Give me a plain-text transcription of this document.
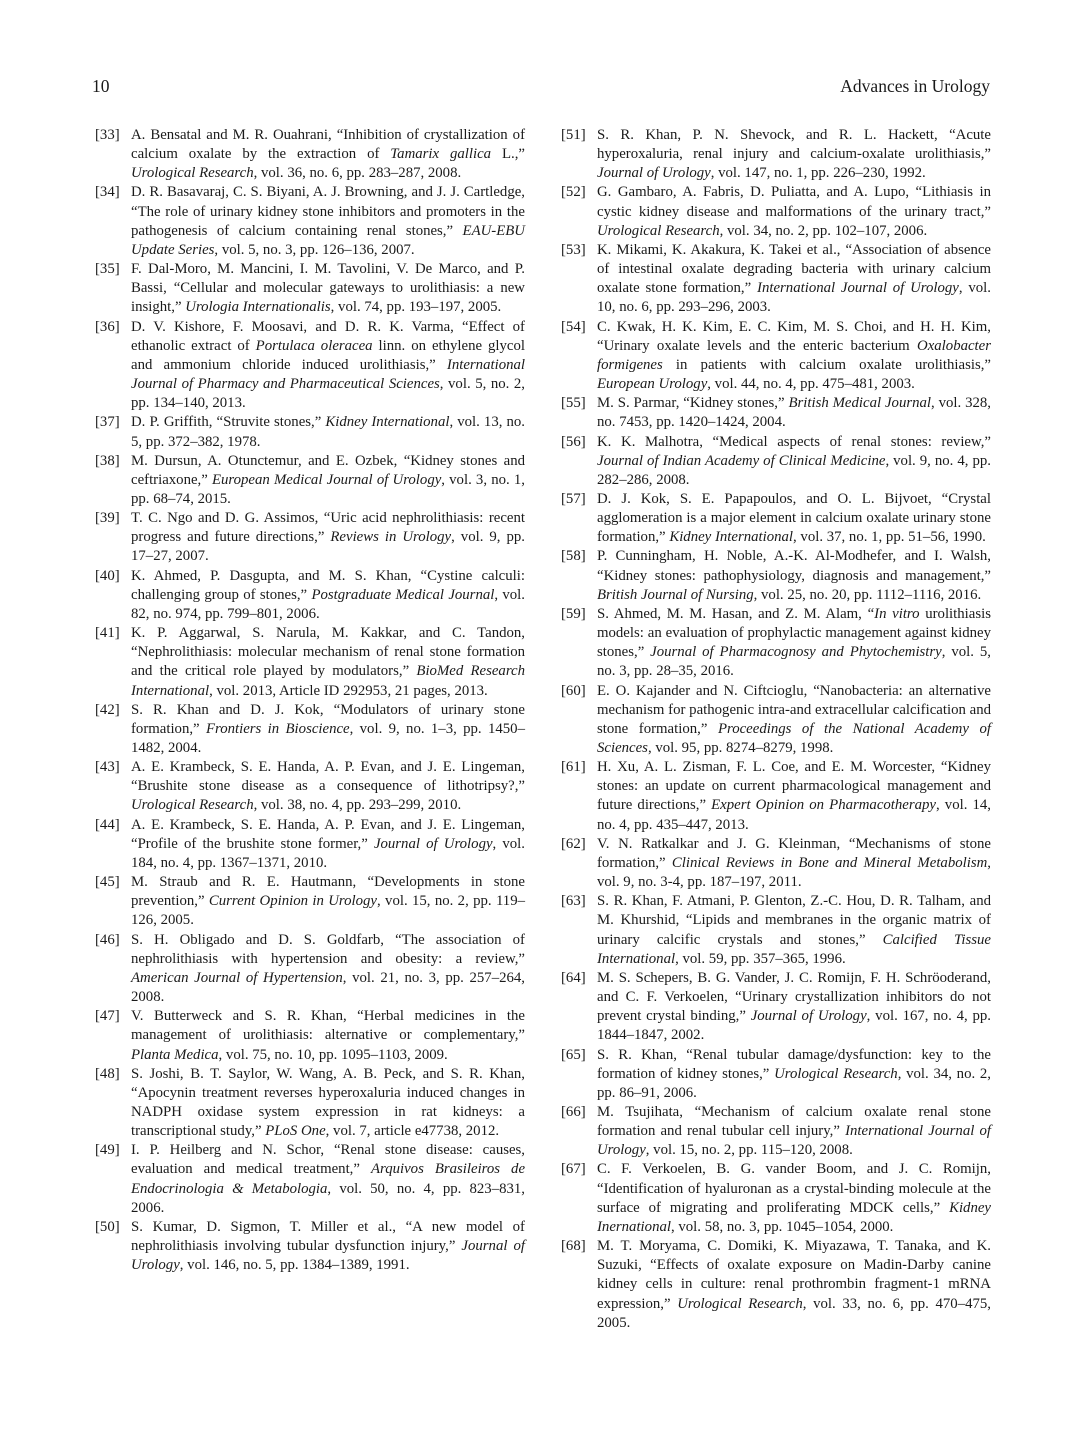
10	Advances in Urology
[33] A. Bensatal and M. R. Ouahrani, “Inhibition of crystallization of calcium oxalate by the extraction of Tamarix gallica L.,” Urological Research, vol. 36, no. 6, pp. 283–287, 2008.
[34] D. R. Basavaraj, C. S. Biyani, A. J. Browning, and J. J. Cartledge, “The role of urinary kidney stone inhibitors and promoters in the pathogenesis of calcium containing renal stones,” EAU-EBU Update Series, vol. 5, no. 3, pp. 126–136, 2007.
[35] F. Dal-Moro, M. Mancini, I. M. Tavolini, V. De Marco, and P. Bassi, “Cellular and molecular gateways to urolithiasis: a new insight,” Urologia Internationalis, vol. 74, pp. 193–197, 2005.
[36] D. V. Kishore, F. Moosavi, and D. R. K. Varma, “Effect of ethanolic extract of Portulaca oleracea linn. on ethylene glycol and ammonium chloride induced urolithiasis,” International Journal of Pharmacy and Pharmaceutical Sciences, vol. 5, no. 2, pp. 134–140, 2013.
[37] D. P. Griffith, “Struvite stones,” Kidney International, vol. 13, no. 5, pp. 372–382, 1978.
[38] M. Dursun, A. Otunctemur, and E. Ozbek, “Kidney stones and ceftriaxone,” European Medical Journal of Urology, vol. 3, no. 1, pp. 68–74, 2015.
[39] T. C. Ngo and D. G. Assimos, “Uric acid nephrolithiasis: recent progress and future directions,” Reviews in Urology, vol. 9, pp. 17–27, 2007.
[40] K. Ahmed, P. Dasgupta, and M. S. Khan, “Cystine calculi: challenging group of stones,” Postgraduate Medical Journal, vol. 82, no. 974, pp. 799–801, 2006.
[41] K. P. Aggarwal, S. Narula, M. Kakkar, and C. Tandon, “Nephrolithiasis: molecular mechanism of renal stone formation and the critical role played by modulators,” BioMed Research International, vol. 2013, Article ID 292953, 21 pages, 2013.
[42] S. R. Khan and D. J. Kok, “Modulators of urinary stone formation,” Frontiers in Bioscience, vol. 9, no. 1–3, pp. 1450–1482, 2004.
[43] A. E. Krambeck, S. E. Handa, A. P. Evan, and J. E. Lingeman, “Brushite stone disease as a consequence of lithotripsy?,” Urological Research, vol. 38, no. 4, pp. 293–299, 2010.
[44] A. E. Krambeck, S. E. Handa, A. P. Evan, and J. E. Lingeman, “Profile of the brushite stone former,” Journal of Urology, vol. 184, no. 4, pp. 1367–1371, 2010.
[45] M. Straub and R. E. Hautmann, “Developments in stone prevention,” Current Opinion in Urology, vol. 15, no. 2, pp. 119–126, 2005.
[46] S. H. Obligado and D. S. Goldfarb, “The association of nephrolithiasis with hypertension and obesity: a review,” American Journal of Hypertension, vol. 21, no. 3, pp. 257–264, 2008.
[47] V. Butterweck and S. R. Khan, “Herbal medicines in the management of urolithiasis: alternative or complementary,” Planta Medica, vol. 75, no. 10, pp. 1095–1103, 2009.
[48] S. Joshi, B. T. Saylor, W. Wang, A. B. Peck, and S. R. Khan, “Apocynin treatment reverses hyperoxaluria induced changes in NADPH oxidase system expression in rat kidneys: a transcriptional study,” PLoS One, vol. 7, article e47738, 2012.
[49] I. P. Heilberg and N. Schor, “Renal stone disease: causes, evaluation and medical treatment,” Arquivos Brasileiros de Endocrinologia & Metabologia, vol. 50, no. 4, pp. 823–831, 2006.
[50] S. Kumar, D. Sigmon, T. Miller et al., “A new model of nephrolithiasis involving tubular dysfunction injury,” Journal of Urology, vol. 146, no. 5, pp. 1384–1389, 1991.
[51] S. R. Khan, P. N. Shevock, and R. L. Hackett, “Acute hyperoxaluria, renal injury and calcium-oxalate urolithiasis,” Journal of Urology, vol. 147, no. 1, pp. 226–230, 1992.
[52] G. Gambaro, A. Fabris, D. Puliatta, and A. Lupo, “Lithiasis in cystic kidney disease and malformations of the urinary tract,” Urological Research, vol. 34, no. 2, pp. 102–107, 2006.
[53] K. Mikami, K. Akakura, K. Takei et al., “Association of absence of intestinal oxalate degrading bacteria with urinary calcium oxalate stone formation,” International Journal of Urology, vol. 10, no. 6, pp. 293–296, 2003.
[54] C. Kwak, H. K. Kim, E. C. Kim, M. S. Choi, and H. H. Kim, “Urinary oxalate levels and the enteric bacterium Oxalobacter formigenes in patients with calcium oxalate urolithiasis,” European Urology, vol. 44, no. 4, pp. 475–481, 2003.
[55] M. S. Parmar, “Kidney stones,” British Medical Journal, vol. 328, no. 7453, pp. 1420–1424, 2004.
[56] K. K. Malhotra, “Medical aspects of renal stones: review,” Journal of Indian Academy of Clinical Medicine, vol. 9, no. 4, pp. 282–286, 2008.
[57] D. J. Kok, S. E. Papapoulos, and O. L. Bijvoet, “Crystal agglomeration is a major element in calcium oxalate urinary stone formation,” Kidney International, vol. 37, no. 1, pp. 51–56, 1990.
[58] P. Cunningham, H. Noble, A.-K. Al-Modhefer, and I. Walsh, “Kidney stones: pathophysiology, diagnosis and management,” British Journal of Nursing, vol. 25, no. 20, pp. 1112–1116, 2016.
[59] S. Ahmed, M. M. Hasan, and Z. M. Alam, “In vitro urolithiasis models: an evaluation of prophylactic management against kidney stones,” Journal of Pharmacognosy and Phytochemistry, vol. 5, no. 3, pp. 28–35, 2016.
[60] E. O. Kajander and N. Ciftcioglu, “Nanobacteria: an alternative mechanism for pathogenic intra-and extracellular calcification and stone formation,” Proceedings of the National Academy of Sciences, vol. 95, pp. 8274–8279, 1998.
[61] H. Xu, A. L. Zisman, F. L. Coe, and E. M. Worcester, “Kidney stones: an update on current pharmacological management and future directions,” Expert Opinion on Pharmacotherapy, vol. 14, no. 4, pp. 435–447, 2013.
[62] V. N. Ratkalkar and J. G. Kleinman, “Mechanisms of stone formation,” Clinical Reviews in Bone and Mineral Metabolism, vol. 9, no. 3-4, pp. 187–197, 2011.
[63] S. R. Khan, F. Atmani, P. Glenton, Z.-C. Hou, D. R. Talham, and M. Khurshid, “Lipids and membranes in the organic matrix of urinary calcific crystals and stones,” Calcified Tissue International, vol. 59, pp. 357–365, 1996.
[64] M. S. Schepers, B. G. Vander, J. C. Romijn, F. H. Schröoderand, and C. F. Verkoelen, “Urinary crystallization inhibitors do not prevent crystal binding,” Journal of Urology, vol. 167, no. 4, pp. 1844–1847, 2002.
[65] S. R. Khan, “Renal tubular damage/dysfunction: key to the formation of kidney stones,” Urological Research, vol. 34, no. 2, pp. 86–91, 2006.
[66] M. Tsujihata, “Mechanism of calcium oxalate renal stone formation and renal tubular cell injury,” International Journal of Urology, vol. 15, no. 2, pp. 115–120, 2008.
[67] C. F. Verkoelen, B. G. vander Boom, and J. C. Romijn, “Identification of hyaluronan as a crystal-binding molecule at the surface of migrating and proliferating MDCK cells,” Kidney Inernational, vol. 58, no. 3, pp. 1045–1054, 2000.
[68] M. T. Moryama, C. Domiki, K. Miyazawa, T. Tanaka, and K. Suzuki, “Effects of oxalate exposure on Madin-Darby canine kidney cells in culture: renal prothrombin fragment-1 mRNA expression,” Urological Research, vol. 33, no. 6, pp. 470–475, 2005.
